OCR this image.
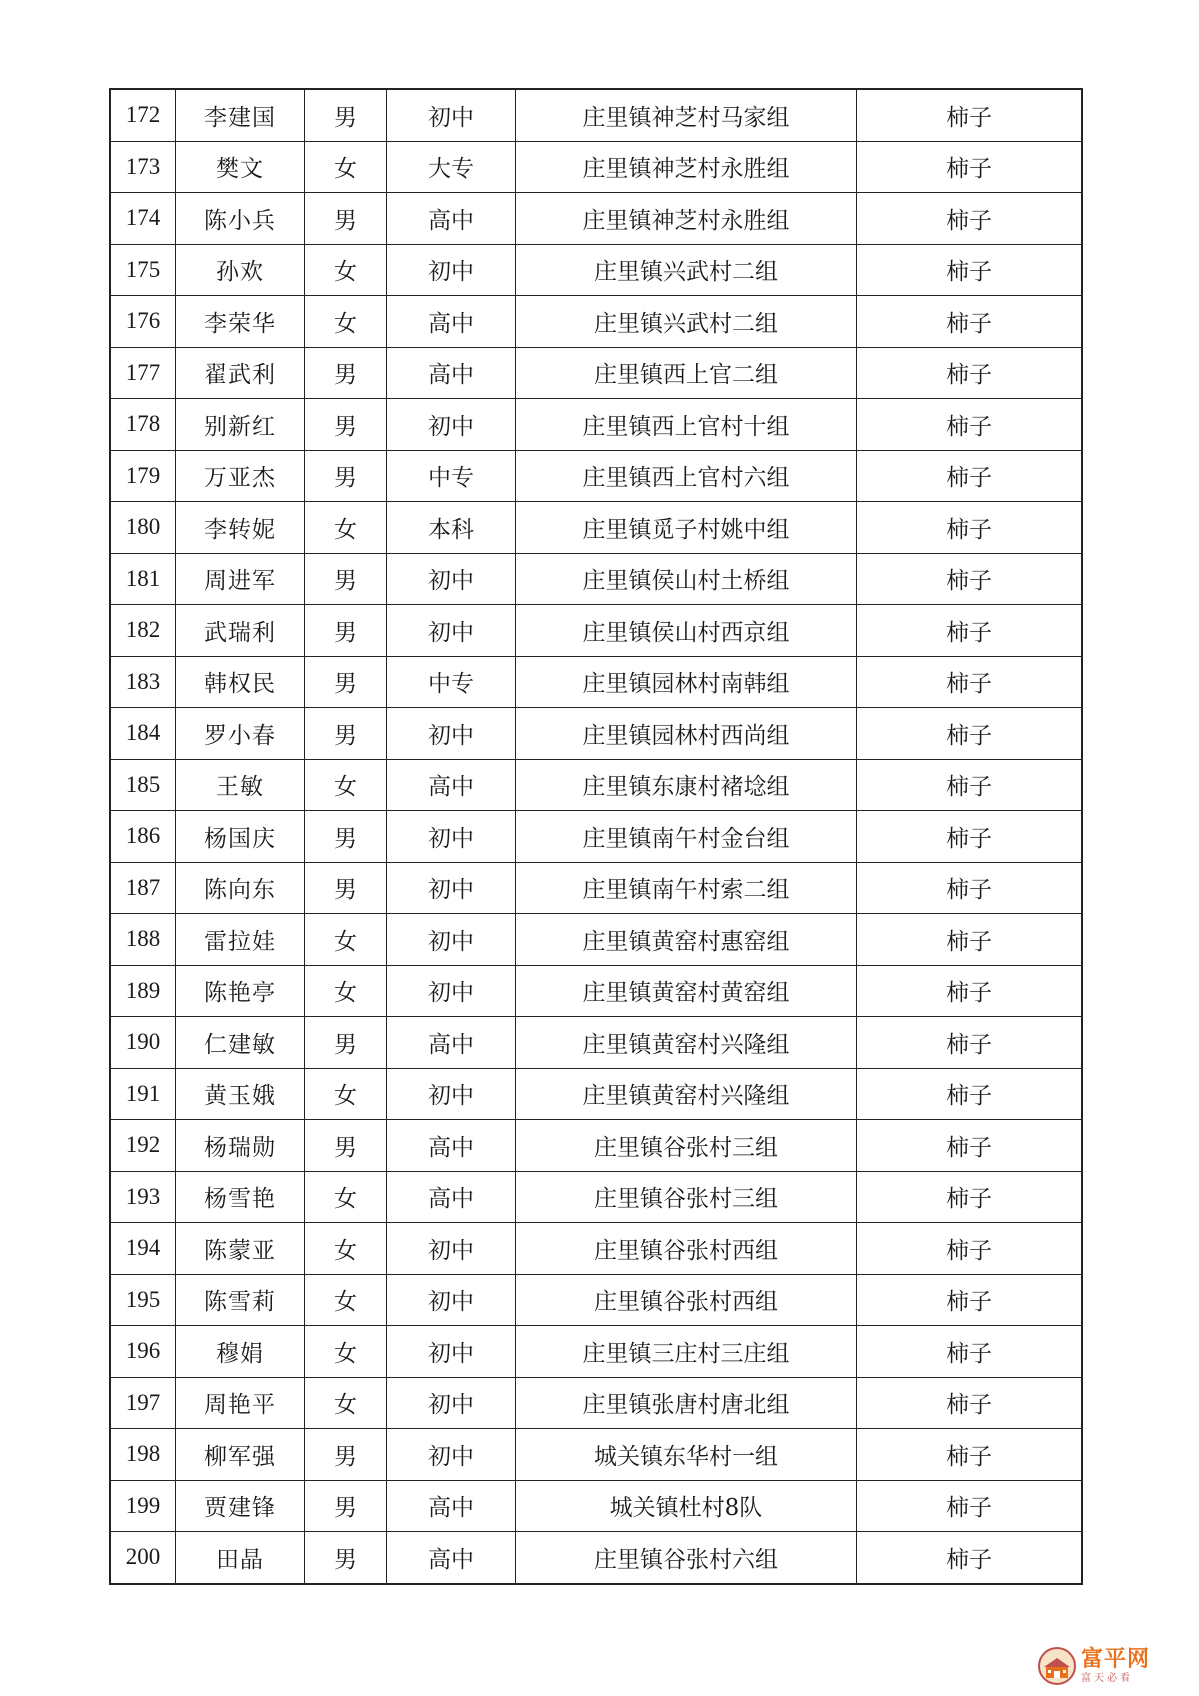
172	李建国	男	初中	庄里镇神芝村马家组	柿子
173	樊文	女	大专	庄里镇神芝村永胜组	柿子
174	陈小兵	男	高中	庄里镇神芝村永胜组	柿子
175	孙欢	女	初中	庄里镇兴武村二组	柿子
176	李荣华	女	高中	庄里镇兴武村二组	柿子
177	翟武利	男	高中	庄里镇西上官二组	柿子
178	别新红	男	初中	庄里镇西上官村十组	柿子
179	万亚杰	男	中专	庄里镇西上官村六组	柿子
180	李转妮	女	本科	庄里镇觅子村姚中组	柿子
181	周进军	男	初中	庄里镇侯山村土桥组	柿子
182	武瑞利	男	初中	庄里镇侯山村西京组	柿子
183	韩权民	男	中专	庄里镇园林村南韩组	柿子
184	罗小春	男	初中	庄里镇园林村西尚组	柿子
185	王敏	女	高中	庄里镇东康村褚埝组	柿子
186	杨国庆	男	初中	庄里镇南午村金台组	柿子
187	陈向东	男	初中	庄里镇南午村索二组	柿子
188	雷拉娃	女	初中	庄里镇黄窑村惠窑组	柿子
189	陈艳亭	女	初中	庄里镇黄窑村黄窑组	柿子
190	仁建敏	男	高中	庄里镇黄窑村兴隆组	柿子
191	黄玉娥	女	初中	庄里镇黄窑村兴隆组	柿子
192	杨瑞勋	男	高中	庄里镇谷张村三组	柿子
193	杨雪艳	女	高中	庄里镇谷张村三组	柿子
194	陈蒙亚	女	初中	庄里镇谷张村西组	柿子
195	陈雪莉	女	初中	庄里镇谷张村西组	柿子
196	穆娟	女	初中	庄里镇三庄村三庄组	柿子
197	周艳平	女	初中	庄里镇张唐村唐北组	柿子
198	柳军强	男	初中	城关镇东华村一组	柿子
199	贾建锋	男	高中	城关镇杜村8队	柿子
200	田晶	男	高中	庄里镇谷张村六组	柿子
富平网
富天必看
